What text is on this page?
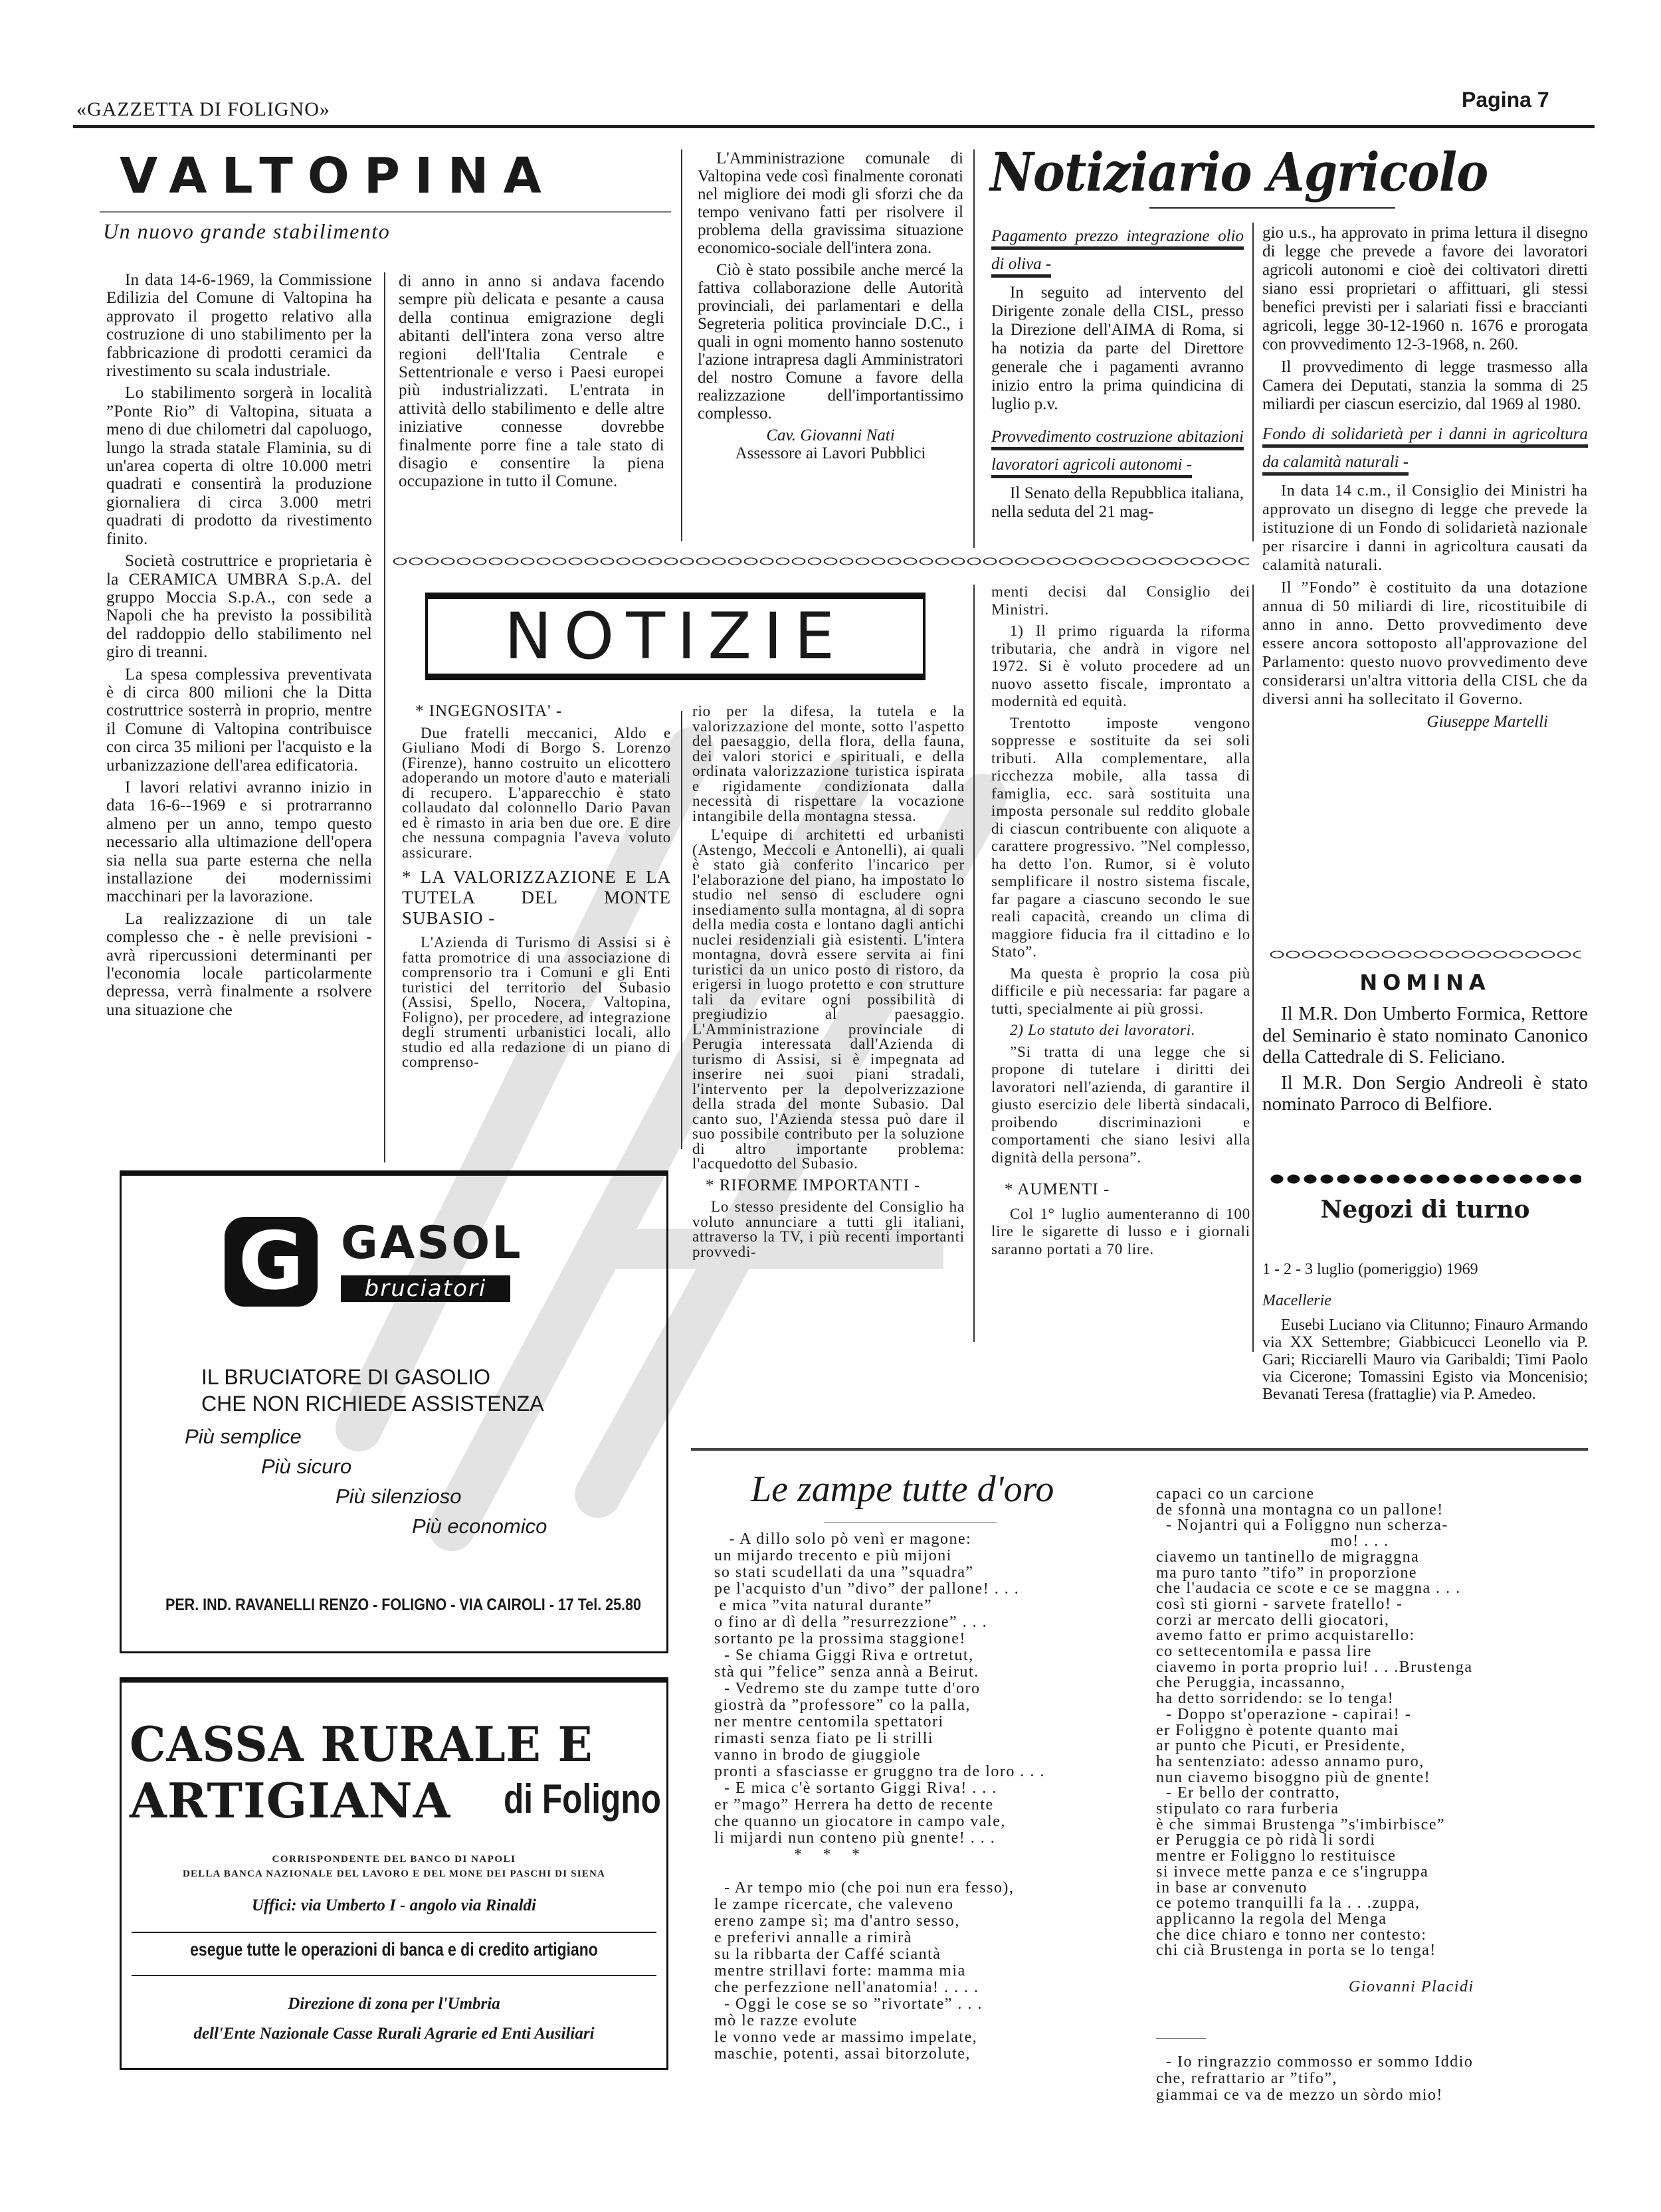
«GAZZETTA DI FOLIGNO»	Pagina 7
VALTOPINA
Un nuovo grande stabilimento

In data 14-6-1969, la Commissione Edilizia del Comune di Valtopina ha approvato il progetto relativo alla costruzione di uno stabilimento per la fabbricazione di prodotti ceramici da rivestimento su scala industriale.

Lo stabilimento sorgerà in località ”Ponte Rio” di Valtopina, situata a meno di due chilometri dal capoluogo, lungo la strada statale Flaminia, su di un'area coperta di oltre 10.000 metri quadrati e consentirà la produzione giornaliera di circa 3.000 metri quadrati di prodotto da rivestimento finito.

Società costruttrice e proprietaria è la CERAMICA UMBRA S.p.A. del gruppo Moccia S.p.A., con sede a Napoli che ha previsto la possibilità del raddoppio dello stabilimento nel giro di treanni.

La spesa complessiva preventivata è di circa 800 milioni che la Ditta costruttrice sosterrà in proprio, mentre il Comune di Valtopina contribuisce con circa 35 milioni per l'acquisto e la urbanizzazione dell'area edificatoria.

I lavori relativi avranno inizio in data 16-6--1969 e si protrarranno almeno per un anno, tempo questo necessario alla ultimazione dell'opera sia nella sua parte esterna che nella installazione dei modernissimi macchinari per la lavorazione.

La realizzazione di un tale complesso che - è nelle previsioni - avrà ripercussioni determinanti per l'economia locale particolarmente depressa, verrà finalmente a rsolvere una situazione che

di anno in anno si andava facendo sempre più delicata e pesante a causa della continua emigrazione degli abitanti dell'intera zona verso altre regioni dell'Italia Centrale e Settentrionale e verso i Paesi europei più industrializzati. L'entrata in attività dello stabilimento e delle altre iniziative connesse dovrebbe finalmente porre fine a tale stato di disagio e consentire la piena occupazione in tutto il Comune.

L'Amministrazione comunale di Valtopina vede così finalmente coronati nel migliore dei modi gli sforzi che da tempo venivano fatti per risolvere il problema della gravissima situazione economico-sociale dell'intera zona.

Ciò è stato possibile anche mercé la fattiva collaborazione delle Autorità provinciali, dei parlamentari e della Segreteria politica provinciale D.C., i quali in ogni momento hanno sostenuto l'azione intrapresa dagli Amministratori del nostro Comune a favore della realizzazione dell'importantissimo complesso.

Cav. Giovanni Nati
Assessore ai Lavori Pubblici
Notiziario Agricolo
Pagamento prezzo integrazione olio di oliva -

In seguito ad intervento del Dirigente zonale della CISL, presso la Direzione dell'AIMA di Roma, si ha notizia da parte del Direttore generale che i pagamenti avranno inizio entro la prima quindicina di luglio p.v.

Provvedimento costruzione abitazioni lavoratori agricoli autonomi -

Il Senato della Repubblica italiana, nella seduta del 21 mag-

gio u.s., ha approvato in prima lettura il disegno di legge che prevede a favore dei lavoratori agricoli autonomi e cioè dei coltivatori diretti siano essi proprietari o affittuari, gli stessi benefici previsti per i salariati fissi e braccianti agricoli, legge 30-12-1960 n. 1676 e prorogata con provvedimento 12-3-1968, n. 260.

Il provvedimento di legge trasmesso alla Camera dei Deputati, stanzia la somma di 25 miliardi per ciascun esercizio, dal 1969 al 1980.

Fondo di solidarietà per i danni in agricoltura da calamità naturali -

In data 14 c.m., il Consiglio dei Ministri ha approvato un disegno di legge che prevede la istituzione di un Fondo di solidarietà nazionale per risarcire i danni in agricoltura causati da calamità naturali.

Il ”Fondo” è costituito da una dotazione annua di 50 miliardi di lire, ricostituibile di anno in anno. Detto provvedimento deve essere ancora sottoposto all'approvazione del Parlamento: questo nuovo provvedimento deve considerarsi un'altra vittoria della CISL che da diversi anni ha sollecitato il Governo.

Giuseppe Martelli
NOTIZIE
* INGEGNOSITA' -

Due fratelli meccanici, Aldo e Giuliano Modi di Borgo S. Lorenzo (Firenze), hanno costruito un elicottero adoperando un motore d'auto e materiali di recupero. L'apparecchio è stato collaudato dal colonnello Dario Pavan ed è rimasto in aria ben due ore. E dire che nessuna compagnia l'aveva voluto assicurare.

* LA VALORIZZAZIONE E LA TUTELA DEL MONTE SUBASIO -

L'Azienda di Turismo di Assisi si è fatta promotrice di una associazione di comprensorio tra i Comuni e gli Enti turistici del territorio del Subasio (Assisi, Spello, Nocera, Valtopina, Foligno), per procedere, ad integrazione degli strumenti urbanistici locali, allo studio ed alla redazione di un piano di comprenso-

rio per la difesa, la tutela e la valorizzazione del monte, sotto l'aspetto del paesaggio, della flora, della fauna, dei valori storici e spirituali, e della ordinata valorizzazione turistica ispirata e rigidamente condizionata dalla necessità di rispettare la vocazione intangibile della montagna stessa.

L'equipe di architetti ed urbanisti (Astengo, Meccoli e Antonelli), ai quali è stato già conferito l'incarico per l'elaborazione del piano, ha impostato lo studio nel senso di escludere ogni insediamento sulla montagna, al di sopra della media costa e lontano dagli antichi nuclei residenziali già esistenti. L'intera montagna, dovrà essere servita ai fini turistici da un unico posto di ristoro, da erigersi in luogo protetto e con strutture tali da evitare ogni possibilità di pregiudizio al paesaggio. L'Amministrazione provinciale di Perugia interessata dall'Azienda di turismo di Assisi, si è impegnata ad inserire nei suoi piani stradali, l'intervento per la depolverizzazione della strada del monte Subasio. Dal canto suo, l'Azienda stessa può dare il suo possibile contributo per la soluzione di altro importante problema: l'acquedotto del Subasio.

* RIFORME IMPORTANTI -

Lo stesso presidente del Consiglio ha voluto annunciare a tutti gli italiani, attraverso la TV, i più recenti importanti provvedi-

menti decisi dal Consiglio dei Ministri.

1) Il primo riguarda la riforma tributaria, che andrà in vigore nel 1972. Si è voluto procedere ad un nuovo assetto fiscale, improntato a modernità ed equità.

Trentotto imposte vengono soppresse e sostituite da sei soli tributi. Alla complementare, alla ricchezza mobile, alla tassa di famiglia, ecc. sarà sostituita una imposta personale sul reddito globale di ciascun contribuente con aliquote a carattere progressivo. ”Nel complesso, ha detto l'on. Rumor, si è voluto semplificare il nostro sistema fiscale, far pagare a ciascuno secondo le sue reali capacità, creando un clima di maggiore fiducia fra il cittadino e lo Stato”.

Ma questa è proprio la cosa più difficile e più necessaria: far pagare a tutti, specialmente ai più grossi.

2) Lo statuto dei lavoratori.

”Si tratta di una legge che si propone di tutelare i diritti dei lavoratori nell'azienda, di garantire il giusto esercizio dele libertà sindacali, proibendo discriminazioni e comportamenti che siano lesivi alla dignità della persona”.

* AUMENTI -

Col 1° luglio aumenteranno di 100 lire le sigarette di lusso e i giornali saranno portati a 70 lire.

NOMINA

Il M.R. Don Umberto Formica, Rettore del Seminario è stato nominato Canonico della Cattedrale di S. Feliciano.

Il M.R. Don Sergio Andreoli è stato nominato Parroco di Belfiore.

Negozi di turno
1 - 2 - 3 luglio (pomeriggio) 1969
Macellerie

Eusebi Luciano via Clitunno; Finauro Armando via XX Settembre; Giabbicucci Leonello via P. Gari; Ricciarelli Mauro via Garibaldi; Timi Paolo via Cicerone; Tomassini Egisto via Moncenisio; Bevanati Teresa (frattaglie) via P. Amedeo.

G GASOL
bruciatori
IL BRUCIATORE DI GASOLIO
CHE NON RICHIEDE ASSISTENZA
Più semplice
Più sicuro
Più silenzioso
Più economico
PER. IND. RAVANELLI RENZO - FOLIGNO - VIA CAIROLI - 17 Tel. 25.80
CASSA RURALE E
ARTIGIANA di Foligno
CORRISPONDENTE DEL BANCO DI NAPOLI
DELLA BANCA NAZIONALE DEL LAVORO E DEL MONE DEI PASCHI DI SIENA
Uffici: via Umberto I - angolo via Rinaldi
esegue tutte le operazioni di banca e di credito artigiano
Direzione di zona per l'Umbria
dell'Ente Nazionale Casse Rurali Agrarie ed Enti Ausiliari
Le zampe tutte d'oro
- A dillo solo pò venì er magone:
un mijardo trecento e più mijoni
so stati scudellati da una ”squadra”
pe l'acquisto d'un ”divo” der pallone! . . .
e mica ”vita natural durante”
o fino ar dì della ”resurrezzione” . . .
sortanto pe la prossima staggione!
- Se chiama Giggi Riva e ortretut,
stà qui ”felice” senza annà a Beirut.
- Vedremo ste du zampe tutte d'oro
giostrà da ”professore” co la palla,
ner mentre centomila spettatori
rimasti senza fiato pe li strilli
vanno in brodo de giuggiole
pronti a sfasciasse er gruggno tra de loro . . .
- E mica c'è sortanto Giggi Riva! . . .
er ”mago” Herrera ha detto de recente
che quanno un giocatore in campo vale,
li mijardi nun conteno più gnente! . . .
*    *    *

- Ar tempo mio (che poi nun era fesso),
le zampe ricercate, che valeveno
ereno zampe sì; ma d'antro sesso,
e preferivi annalle a rimirà
su la ribbarta der Caffé sciantà
mentre strillavi forte: mamma mia
che perfezzione nell'anatomia! . . . .
- Oggi le cose se so ”rivortate” . . .
mò le razze evolute
le vonno vede ar massimo impelate,
maschie, potenti, assai bitorzolute,
capaci co un carcione
de sfonnà una montagna co un pallone!
- Nojantri qui a Foliggno nun scherza-
mo! . . .
ciavemo un tantinello de migraggna
ma puro tanto ”tifo” in proporzione
che l'audacia ce scote e ce se maggna . . .
così sti giorni - sarvete fratello! -
corzi ar mercato delli giocatori,
avemo fatto er primo acquistarello:
co settecentomila e passa lire
ciavemo in porta proprio lui! . . .Brustenga
che Peruggia, incassanno,
ha detto sorridendo: se lo tenga!
- Doppo st'operazione - capirai! -
er Foliggno è potente quanto mai
ar punto che Picuti, er Presidente,
ha sentenziato: adesso annamo puro,
nun ciavemo bisoggno più de gnente!
- Er bello der contratto,
stipulato co rara furberia
è che  simmai Brustenga ”s'imbirbisce”
er Peruggia ce pò ridà li sordi
mentre er Foliggno lo restituisce
si invece mette panza e ce s'ingruppa
in base ar convenuto
ce potemo tranquilli fa la . . .zuppa,
applicanno la regola del Menga
che dice chiaro e tonno ner contesto:
chi cià Brustenga in porta se lo tenga!
Giovanni Placidi
- Io ringrazzio commosso er sommo Iddio
che, refrattario ar ”tifo”,
giammai ce va de mezzo un sòrdo mio!
